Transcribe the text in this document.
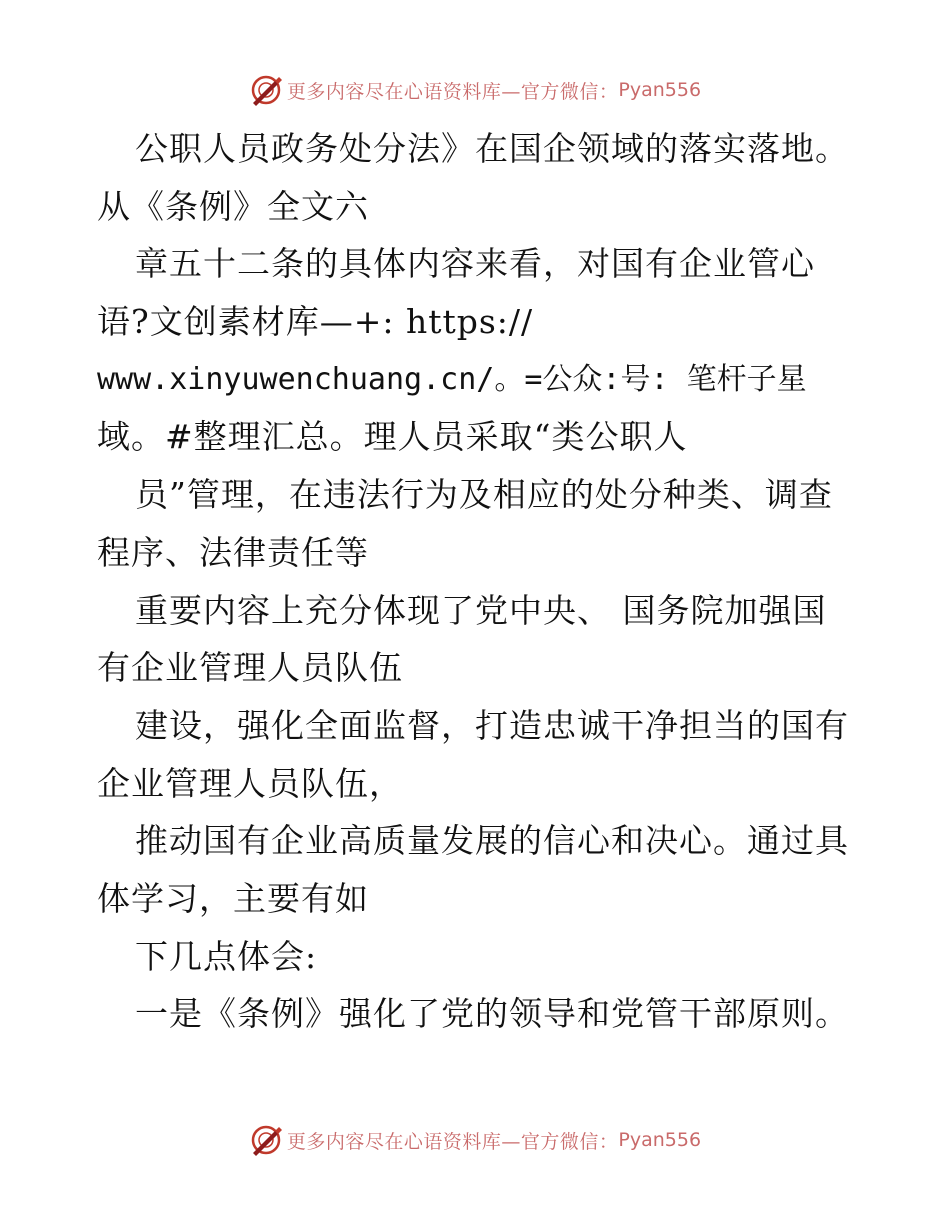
更多内容尽在心语资料库—官方微信： Pyan556
公职人员政务处分法》在国企领域的落实落地。
从《条例》全文六
章五十二条的具体内容来看，对国有企业管心
语?文创素材库—+: https://
www.xinyuwenchuang.cn/。=公众:号: 笔杆子星
域。#整理汇总。理人员采取“类公职人
员”管理，在违法行为及相应的处分种类、调查
程序、法律责任等
重要内容上充分体现了党中央、 国务院加强国
有企业管理人员队伍
建设，强化全面监督，打造忠诚干净担当的国有
企业管理人员队伍，
推动国有企业高质量发展的信心和决心。通过具
体学习，主要有如
下几点体会:
一是《条例》强化了党的领导和党管干部原则。
更多内容尽在心语资料库—官方微信： Pyan556
